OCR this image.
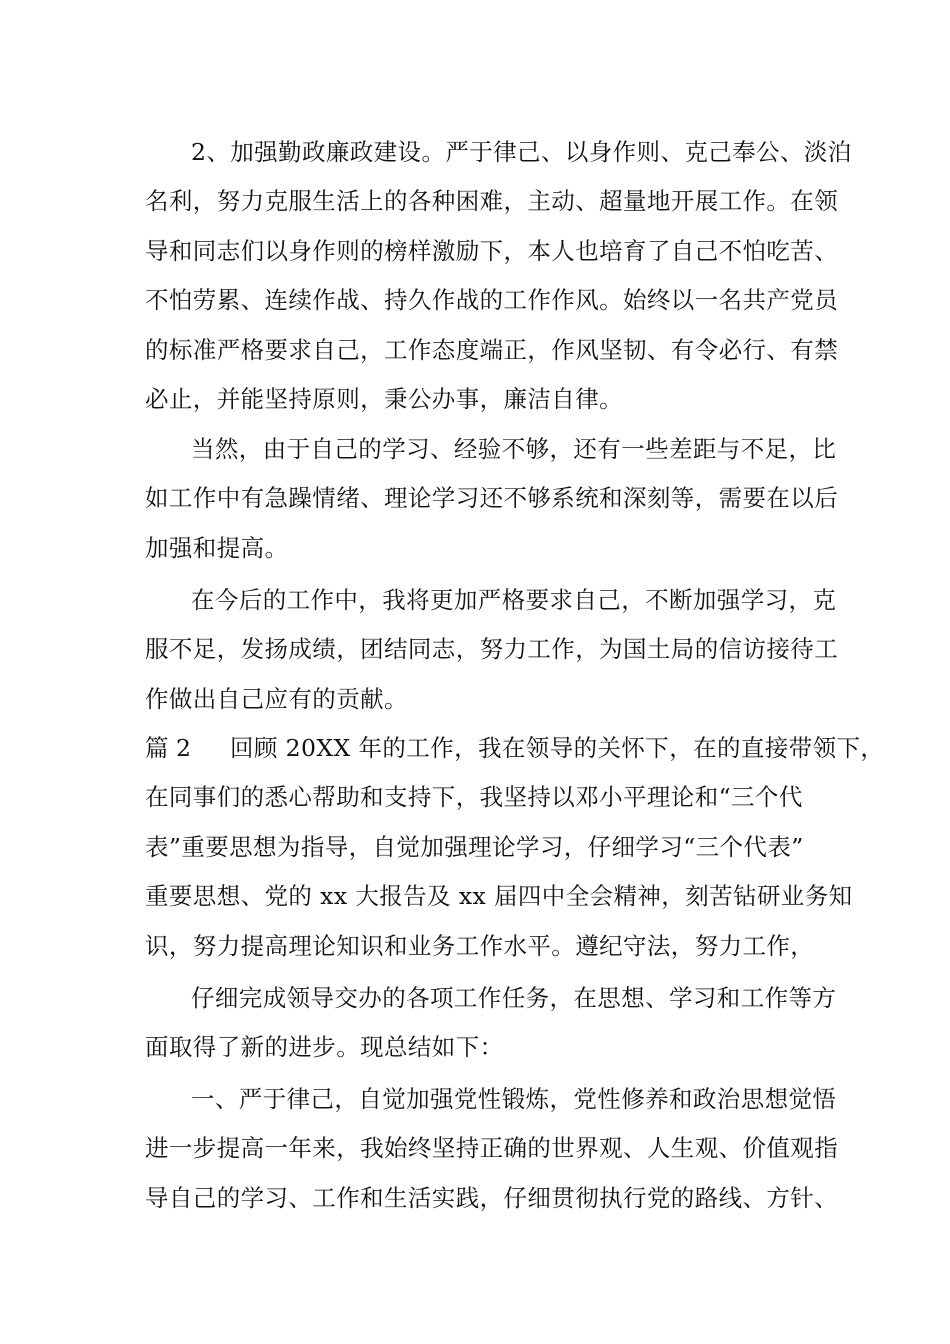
2、加强勤政廉政建设。严于律己、以身作则、克己奉公、淡泊
名利，努力克服生活上的各种困难，主动、超量地开展工作。在领
导和同志们以身作则的榜样激励下，本人也培育了自己不怕吃苦、
不怕劳累、连续作战、持久作战的工作作风。始终以一名共产党员
的标准严格要求自己，工作态度端正，作风坚韧、有令必行、有禁
必止，并能坚持原则，秉公办事，廉洁自律。
当然，由于自己的学习、经验不够，还有一些差距与不足，比
如工作中有急躁情绪、理论学习还不够系统和深刻等，需要在以后
加强和提高。
在今后的工作中，我将更加严格要求自己，不断加强学习，克
服不足，发扬成绩，团结同志，努力工作，为国土局的信访接待工
作做出自己应有的贡献。
篇 2 回顾 20XX 年的工作，我在领导的关怀下，在的直接带领下，
在同事们的悉心帮助和支持下，我坚持以邓小平理论和“三个代
表”重要思想为指导，自觉加强理论学习，仔细学习“三个代表”
重要思想、党的 xx 大报告及 xx 届四中全会精神，刻苦钻研业务知
识，努力提高理论知识和业务工作水平。遵纪守法，努力工作，
仔细完成领导交办的各项工作任务，在思想、学习和工作等方
面取得了新的进步。现总结如下：
一、严于律己，自觉加强党性锻炼，党性修养和政治思想觉悟
进一步提高一年来，我始终坚持正确的世界观、人生观、价值观指
导自己的学习、工作和生活实践，仔细贯彻执行党的路线、方针、
